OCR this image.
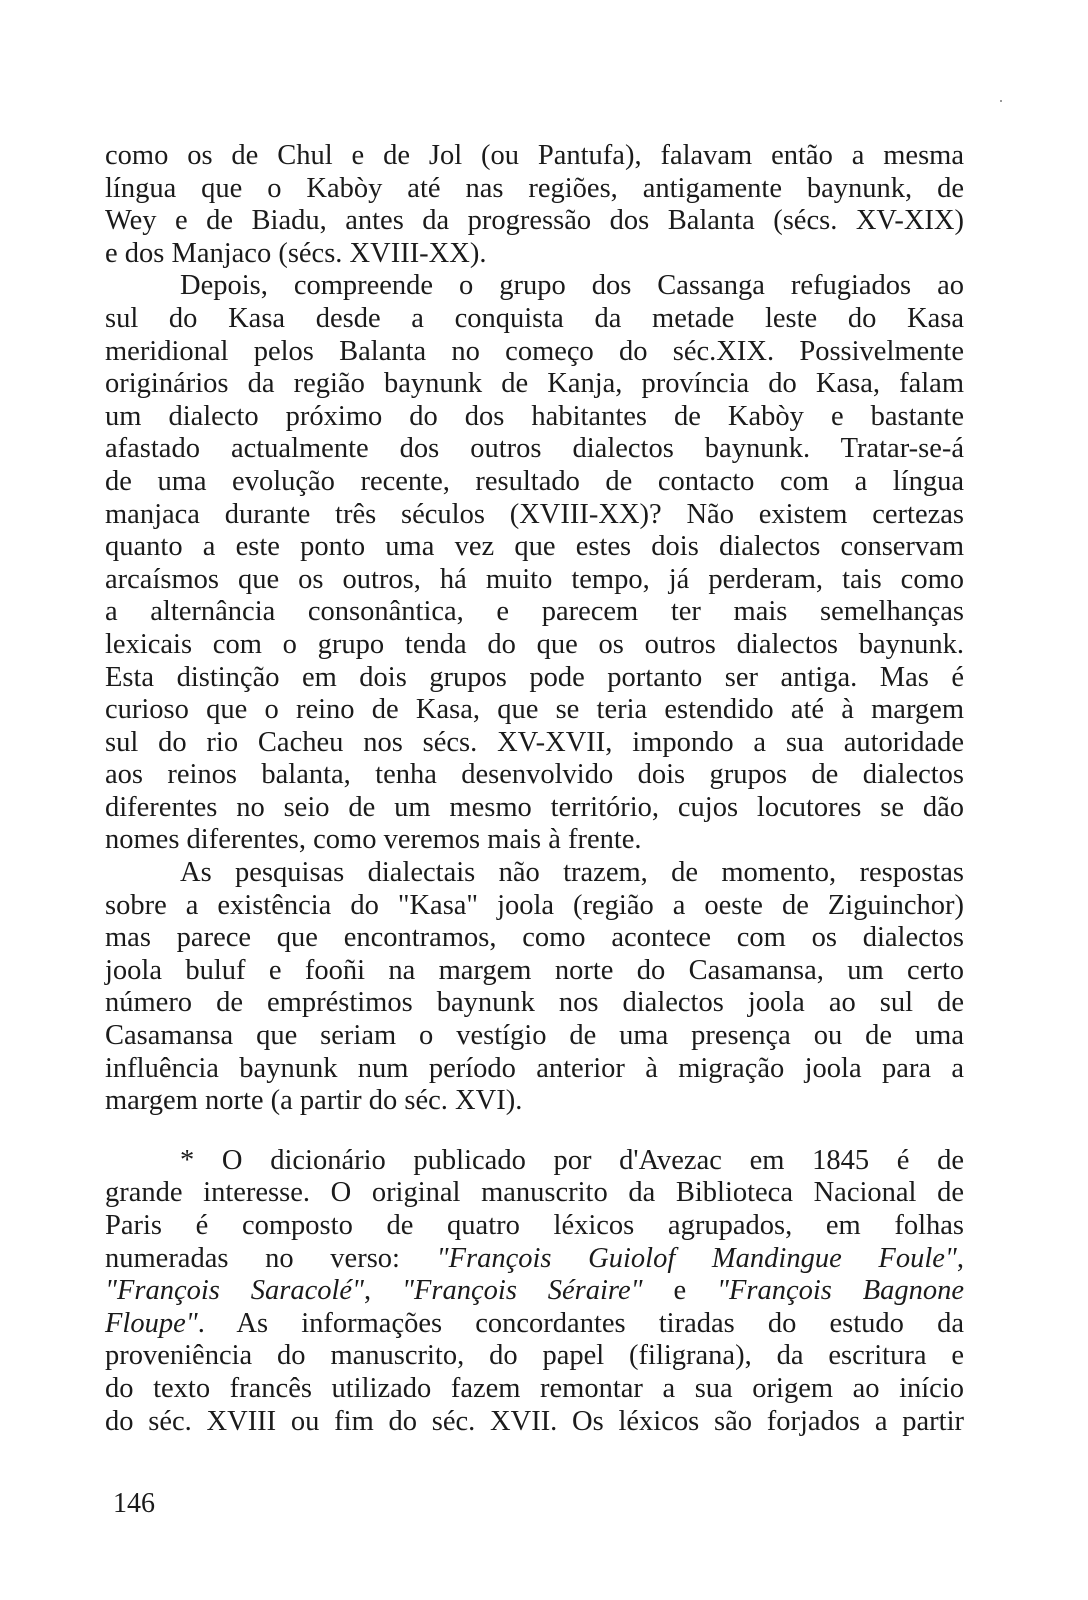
como os de Chul e de Jol (ou Pantufa), falavam então a mesma
língua que o Kabòy até nas regiões, antigamente baynunk, de
Wey e de Biadu, antes da progressão dos Balanta (sécs. XV-XIX)
e dos Manjaco (sécs. XVIII-XX).
Depois, compreende o grupo dos Cassanga refugiados ao
sul do Kasa desde a conquista da metade leste do Kasa
meridional pelos Balanta no começo do séc.XIX. Possivelmente
originários da região baynunk de Kanja, província do Kasa, falam
um dialecto próximo do dos habitantes de Kabòy e bastante
afastado actualmente dos outros dialectos baynunk. Tratar-se-á
de uma evolução recente, resultado de contacto com a língua
manjaca durante três séculos (XVIII-XX)? Não existem certezas
quanto a este ponto uma vez que estes dois dialectos conservam
arcaísmos que os outros, há muito tempo, já perderam, tais como
a alternância consonântica, e parecem ter mais semelhanças
lexicais com o grupo tenda do que os outros dialectos baynunk.
Esta distinção em dois grupos pode portanto ser antiga. Mas é
curioso que o reino de Kasa, que se teria estendido até à margem
sul do rio Cacheu nos sécs. XV-XVII, impondo a sua autoridade
aos reinos balanta, tenha desenvolvido dois grupos de dialectos
diferentes no seio de um mesmo território, cujos locutores se dão
nomes diferentes, como veremos mais à frente.
As pesquisas dialectais não trazem, de momento, respostas
sobre a existência do "Kasa" joola (região a oeste de Ziguinchor)
mas parece que encontramos, como acontece com os dialectos
joola buluf e fooñi na margem norte do Casamansa, um certo
número de empréstimos baynunk nos dialectos joola ao sul de
Casamansa que seriam o vestígio de uma presença ou de uma
influência baynunk num período anterior à migração joola para a
margem norte (a partir do séc. XVI).
* O dicionário publicado por d'Avezac em 1845 é de
grande interesse. O original manuscrito da Biblioteca Nacional de
Paris é composto de quatro léxicos agrupados, em folhas
numeradas no verso: "François Guiolof Mandingue Foule",
"François Saracolé", "François Séraire" e "François Bagnone
Floupe". As informações concordantes tiradas do estudo da
proveniência do manuscrito, do papel (filigrana), da escritura e
do texto francês utilizado fazem remontar a sua origem ao início
do séc. XVIII ou fim do séc. XVII. Os léxicos são forjados a partir
146
